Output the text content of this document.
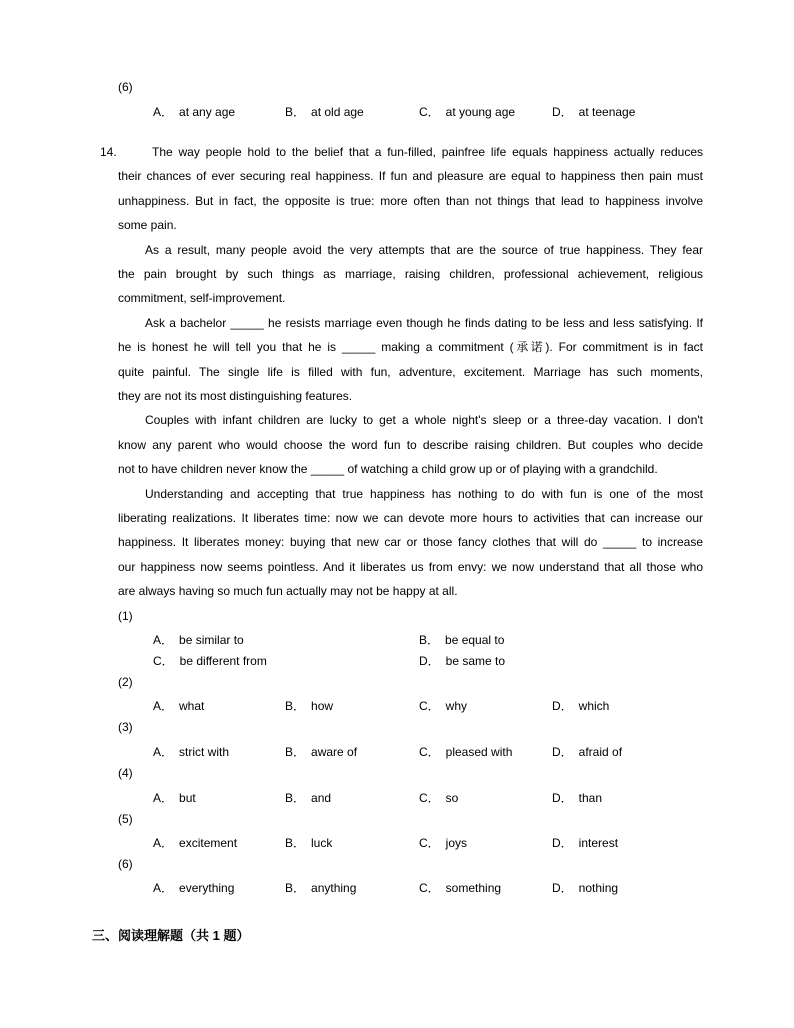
(6)
A． at any age	B． at old age	C． at young age	D． at teenage
14.	The way people hold to the belief that a fun-filled, painfree life equals happiness actually reduces
their chances of ever securing real happiness. If fun and pleasure are equal to happiness then pain must
unhappiness. But in fact, the opposite is true: more often than not things that lead to happiness involve
some pain.
As a result, many people avoid the very attempts that are the source of true happiness. They fear
the pain brought by such things as marriage, raising children, professional achievement, religious
commitment, self-improvement.
Ask a bachelor _____ he resists marriage even though he finds dating to be less and less satisfying. If
he is honest he will tell you that he is _____ making a commitment (承诺). For commitment is in fact
quite painful. The single life is filled with fun, adventure, excitement. Marriage has such moments,
they are not its most distinguishing features.
Couples with infant children are lucky to get a whole night's sleep or a three-day vacation. I don't
know any parent who would choose the word fun to describe raising children. But couples who decide
not to have children never know the _____ of watching a child grow up or of playing with a grandchild.
Understanding and accepting that true happiness has nothing to do with fun is one of the most
liberating realizations. It liberates time: now we can devote more hours to activities that can increase our
happiness. It liberates money: buying that new car or those fancy clothes that will do _____ to increase
our happiness now seems pointless. And it liberates us from envy: we now understand that all those who
are always having so much fun actually may not be happy at all.
(1)
A． be similar to	B． be equal to
C． be different from	D． be same to
(2)
A． what	B． how	C． why	D． which
(3)
A． strict with	B． aware of	C． pleased with	D． afraid of
(4)
A． but	B． and	C． so	D． than
(5)
A． excitement	B． luck	C． joys	D． interest
(6)
A． everything	B． anything	C． something	D． nothing
三、阅读理解题（共 1 题）
